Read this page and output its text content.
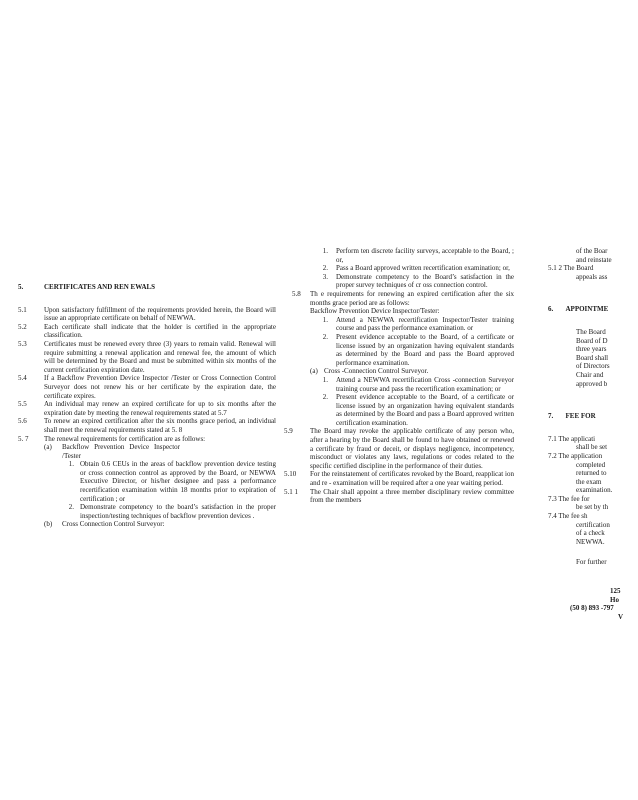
5.	CERTIFICATES AND REN EWALS
5.1	Upon satisfactory fulfillment of the requirements provided herein, the Board will issue an appropriate certificate on behalf of NEWWA.
5.2	Each certificate shall indicate that the holder is certified in the appropriate classification.
5.3	Certificates must be renewed every three (3) years to remain valid. Renewal will require submitting a renewal application and renewal fee, the amount of which will be determined by the Board and must be submitted within six months of the current certification expiration date.
5.4	If a Backflow Prevention Device Inspector /Tester or Cross Connection Control Surveyor does not renew his or her certificate by the expiration date, the certificate expires.
5.5	An individual may renew an expired certificate for up to six months after the expiration date by meeting the renewal requirements stated at 5.7
5.6	To renew an expired certification after the six months grace period, an individual shall meet the renewal requirements stated at 5. 8
5. 7	The renewal requirements for certification are as follows:
(a)	Backflow Prevention Device Inspector /Tester
1. Obtain 0.6 CEUs in the areas of backflow prevention device testing or cross connection control as approved by the Board, or NEWWA Executive Director, or his/her designee and pass a performance recertification examination within 18 months prior to expiration of certification ; or
2. Demonstrate competency to the board’s satisfaction in the proper inspection/testing techniques of backflow prevention devices .
(b)	Cross Connection Control Surveyor:
1.	Perform ten discrete facility surveys, acceptable to the Board, ; or,
2.	Pass a Board approved written recertification examination; or,
3.	Demonstrate competency to the Board’s satisfaction in the proper survey techniques of cr oss connection control.
5.8	Th e requirements for renewing an expired certification after the six months grace period are as follows:
Backflow Prevention Device Inspector/Tester:
1.	Attend a NEWWA recertification Inspector/Tester training course and pass the performance examination. or
2.	Present evidence acceptable to the Board, of a certificate or license issued by an organization having equivalent standards as determined by the Board and pass the Board approved performance examination.
(a) Cross -Connection Control Surveyor.
1.	Attend a NEWWA recertification Cross -connection Surveyor training course and pass the recertification examination; or
2.	Present evidence acceptable to the Board, of a certificate or license issued by an organization having equivalent standards as determined by the Board and pass a Board approved written certification examination.
5.9	The Board may revoke the applicable certificate of any person who, after a hearing by the Board shall be found to have obtained or renewed a certificate by fraud or deceit, or displays negligence, incompetency, misconduct or violates any laws, regulations or codes related to the specific certified discipline in the performance of their duties.
5.10	For the reinstatement of certificates revoked by the Board, reapplicat ion and re - examination will be required after a one year waiting period.
5.1 1	The Chair shall appoint a three member disciplinary review committee from the members
of the Boar
and reinstate
5.1 2 The Board
appeals ass
6. APPOINTME
The Board
Board of D
three years
Board shall
of Directors
Chair and
approved b
7. FEE FOR
7.1 The applicati
shall be set
7.2 The application
completed
returned to
the exam
examination.
7.3 The fee for
be set by th
7.4 The fee sh
certification
of a check
NEWWA.
For further
125
Ho
(50 8) 893 -797
V
